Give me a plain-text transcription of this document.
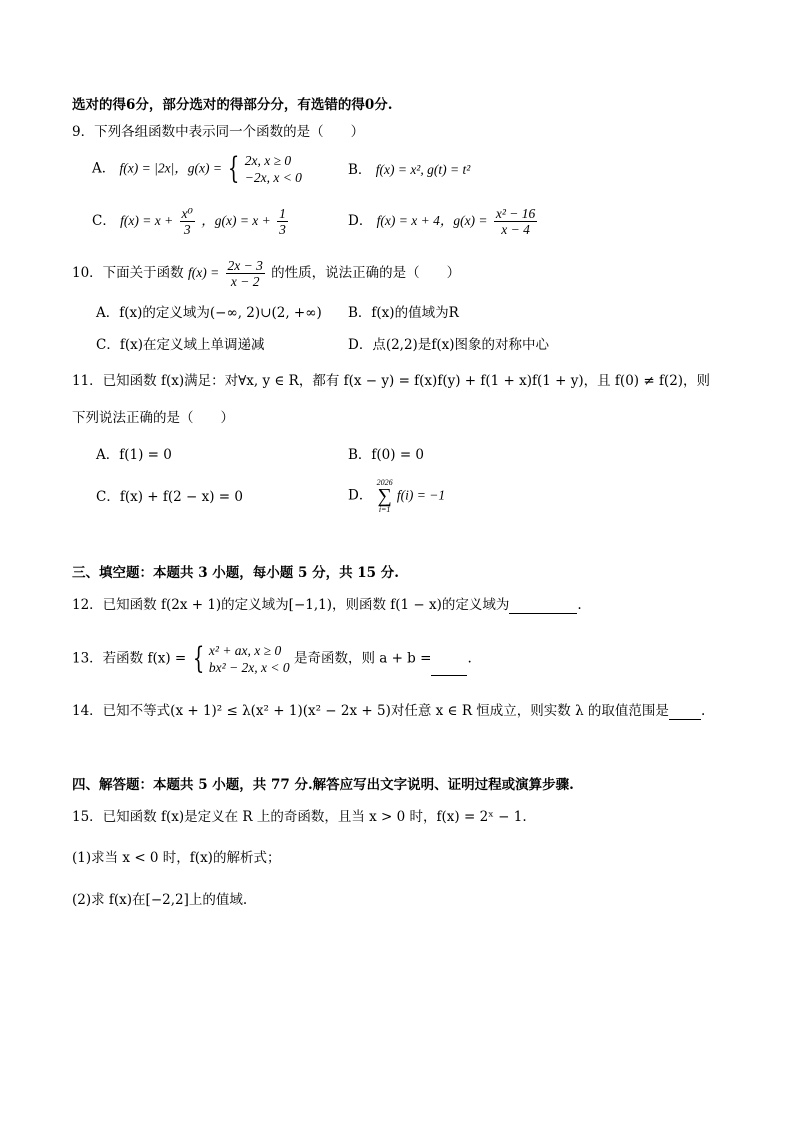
选对的得6分，部分选对的得部分分，有选错的得0分.
9．下列各组函数中表示同一个函数的是（　　）
A． f(x) = |2x|，g(x) = { 2x, x ≥ 0
−2x, x < 0	B． f(x) = x², g(t) = t²
C． $f(x) = x + \frac{\text{x⁰}}{3}$ ，$g(x) = x + \frac{1}{3}$	D． f(x) = x + 4，$g(x) = \frac{\text{x² − 16}}{x - 4}$
10．下面关于函数 $f(x) = \frac{2x - 3}{x - 2}$ 的性质，说法正确的是（　　）
A．f(x)的定义域为(−∞, 2)∪(2, +∞) B．f(x)的值域为R
C．f(x)在定义域上单调递减	D．点(2,2)是f(x)图象的对称中心
11．已知函数 f(x)满足：对∀x, y ∈ R，都有 f(x − y) = f(x)f(y) + f(1 + x)f(1 + y)，且 f(0) ≠ f(2)，则
下列说法正确的是（　　）
A．f(1) = 0	B．f(0) = 0
C．f(x) + f(2 − x) = 0	D．
2026
∑
i=1
f(i) = −1
三、填空题：本题共 3 小题，每小题 5 分，共 15 分.
12．已知函数 f(2x + 1)的定义域为[−1,1)，则函数 f(1 − x)的定义域为	.
13．若函数 f(x) = { x² + ax, x ≥ 0
bx² − 2x, x < 0
是奇函数，则 a + b =	.
14．已知不等式(x + 1)² ≤ λ(x² + 1)(x² − 2x + 5)对任意 x ∈ R 恒成立，则实数 λ 的取值范围是 .
四、解答题：本题共 5 小题，共 77 分.解答应写出文字说明、证明过程或演算步骤.
15．已知函数 f(x)是定义在 R 上的奇函数，且当 x > 0 时，f(x) = 2ˣ − 1.
(1)求当 x < 0 时，f(x)的解析式；
(2)求 f(x)在[−2,2]上的值域.
